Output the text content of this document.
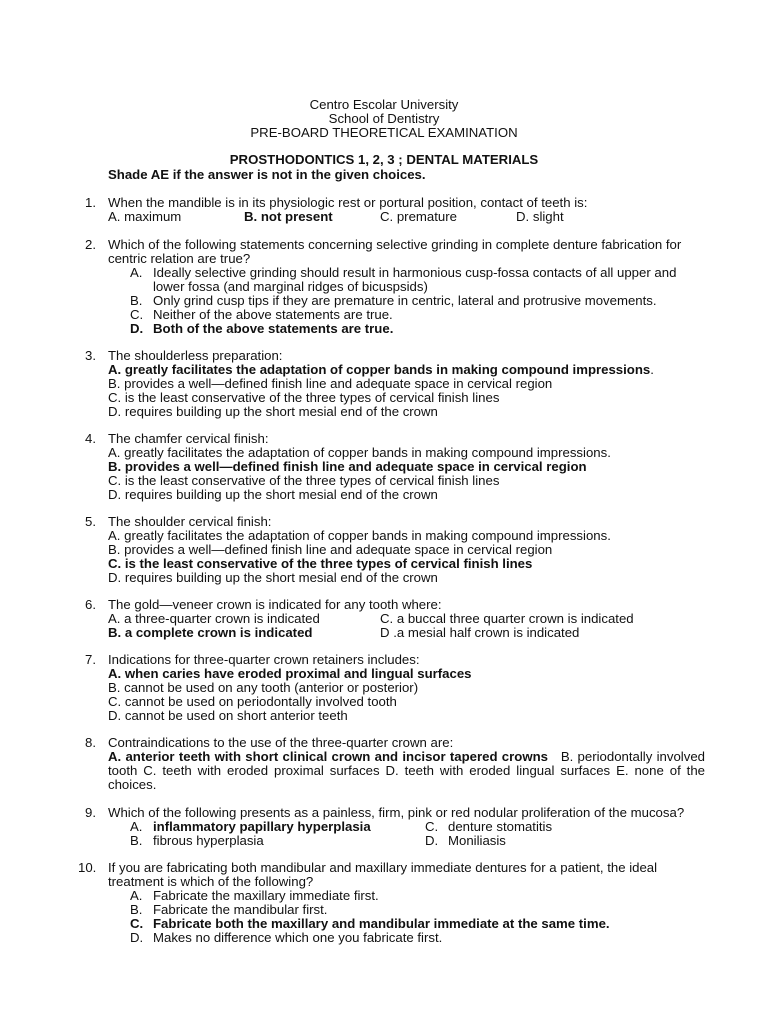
Centro Escolar University
School of Dentistry
PRE-BOARD THEORETICAL EXAMINATION
PROSTHODONTICS 1, 2, 3 ; DENTAL MATERIALS
Shade AE if the answer is not in the given choices.
1. When the mandible is in its physiologic rest or portural position, contact of teeth is:
A. maximum	B. not present	C. premature	D. slight
2. Which of the following statements concerning selective grinding in complete denture fabrication for
centric relation are true?
A. Ideally selective grinding should result in harmonious cusp-fossa contacts of all upper and
lower fossa (and marginal ridges of bicuspsids)
B. Only grind cusp tips if they are premature in centric, lateral and protrusive movements.
C. Neither of the above statements are true.
D. Both of the above statements are true.
3. The shoulderless preparation:
A. greatly facilitates the adaptation of copper bands in making compound impressions.
B. provides a well—defined finish line and adequate space in cervical region
C. is the least conservative of the three types of cervical finish lines
D. requires building up the short mesial end of the crown
4. The chamfer cervical finish:
A. greatly facilitates the adaptation of copper bands in making compound impressions.
B. provides a well—defined finish line and adequate space in cervical region
C. is the least conservative of the three types of cervical finish lines
D. requires building up the short mesial end of the crown
5. The shoulder cervical finish:
A. greatly facilitates the adaptation of copper bands in making compound impressions.
B. provides a well—defined finish line and adequate space in cervical region
C. is the least conservative of the three types of cervical finish lines
D. requires building up the short mesial end of the crown
6. The gold—veneer crown is indicated for any tooth where:
A. a three-quarter crown is indicated	C. a buccal three quarter crown is indicated
B. a complete crown is indicated	D .a mesial half crown is indicated
7. Indications for three-quarter crown retainers includes:
A. when caries have eroded proximal and lingual surfaces
B. cannot be used on any tooth (anterior or posterior)
C. cannot be used on periodontally involved tooth
D. cannot be used on short anterior teeth
8. Contraindications to the use of the three-quarter crown are:
A. anterior teeth with short clinical crown and incisor tapered crowns B. periodontally involved tooth C. teeth with eroded proximal surfaces D. teeth with eroded lingual surfaces E. none of the choices.
9. Which of the following presents as a painless, firm, pink or red nodular proliferation of the mucosa?
A. inflammatory papillary hyperplasia	C. denture stomatitis
B. fibrous hyperplasia	D. Moniliasis
10. If you are fabricating both mandibular and maxillary immediate dentures for a patient, the ideal
treatment is which of the following?
A. Fabricate the maxillary immediate first.
B. Fabricate the mandibular first.
C. Fabricate both the maxillary and mandibular immediate at the same time.
D. Makes no difference which one you fabricate first.
